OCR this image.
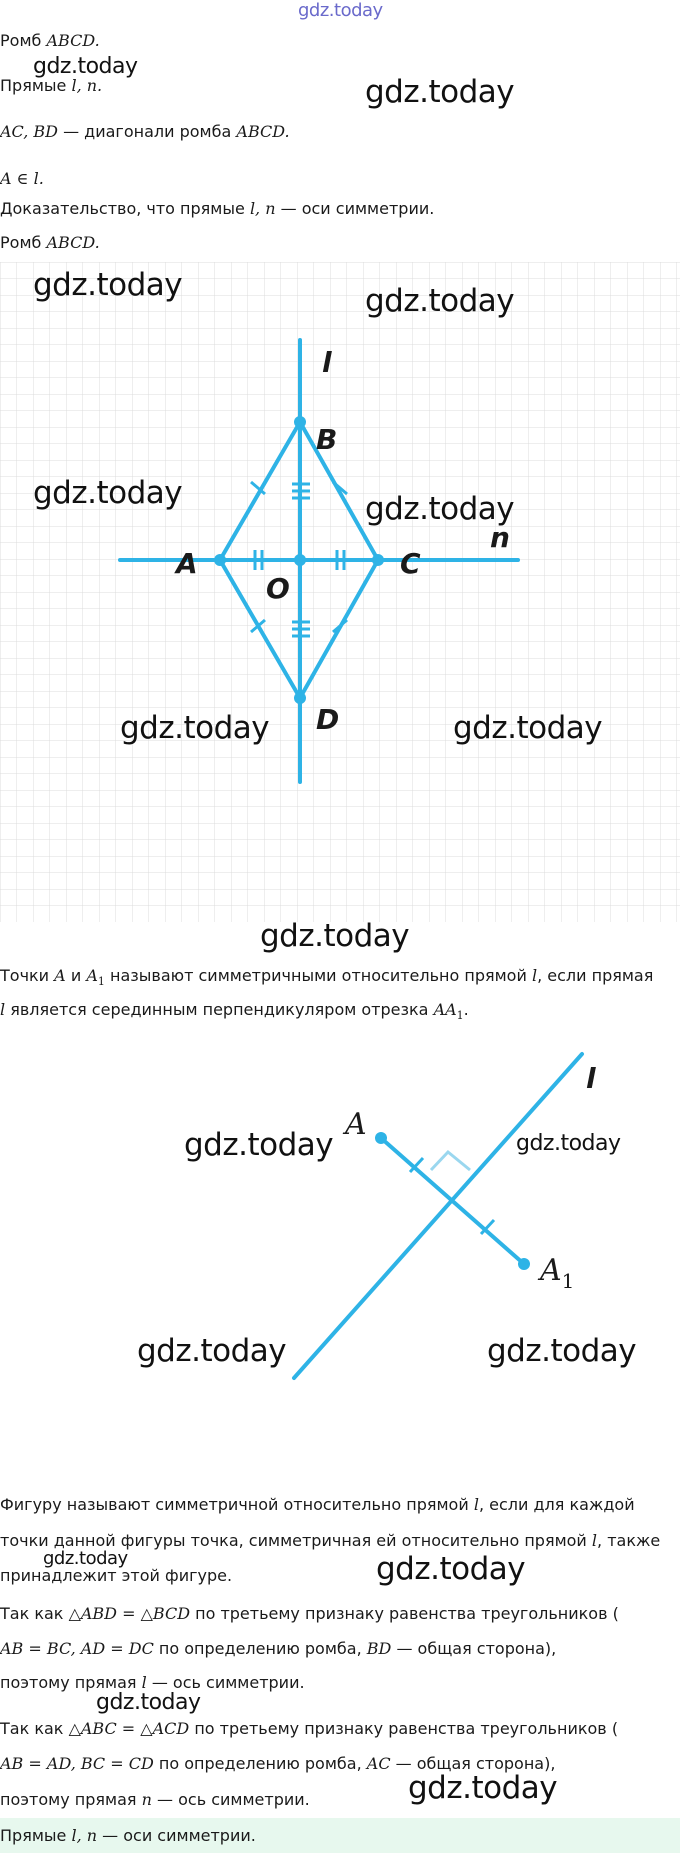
gdz.today
Ромб ABCD.
gdz.today
Прямые l, n.	gdz.today
AC, BD — диагонали ромба ABCD.
A ∈ l.
Доказательство, что прямые l, n — оси симметрии.
Ромб ABCD.
l
B
A	C
n
O
D
gdz.today	gdz.today
gdz.today	gdz.today
gdz.today	gdz.today
gdz.today
Точки A и $A_1$ называют симметричными относительно прямой l, если прямая
l является серединным перпендикуляром отрезка $AA_1$.
l
A
$A_1$
gdz.today	gdz.today
gdz.today	gdz.today
Фигуру называют симметричной относительно прямой l, если для каждой
точки данной фигуры точка, симметричная ей относительно прямой l, также
gdz.today
принадлежит этой фигуре.	gdz.today
Так как △ABD = △BCD по третьему признаку равенства треугольников (
AB = BC, AD = DC по определению ромба, BD — общая сторона),
поэтому прямая l — ось симметрии.
gdz.today
Так как △ABC = △ACD по третьему признаку равенства треугольников (
AB = AD, BC = CD по определению ромба, AC — общая сторона),
поэтому прямая n — ось симметрии.	gdz.today
Прямые l, n — оси симметрии.
